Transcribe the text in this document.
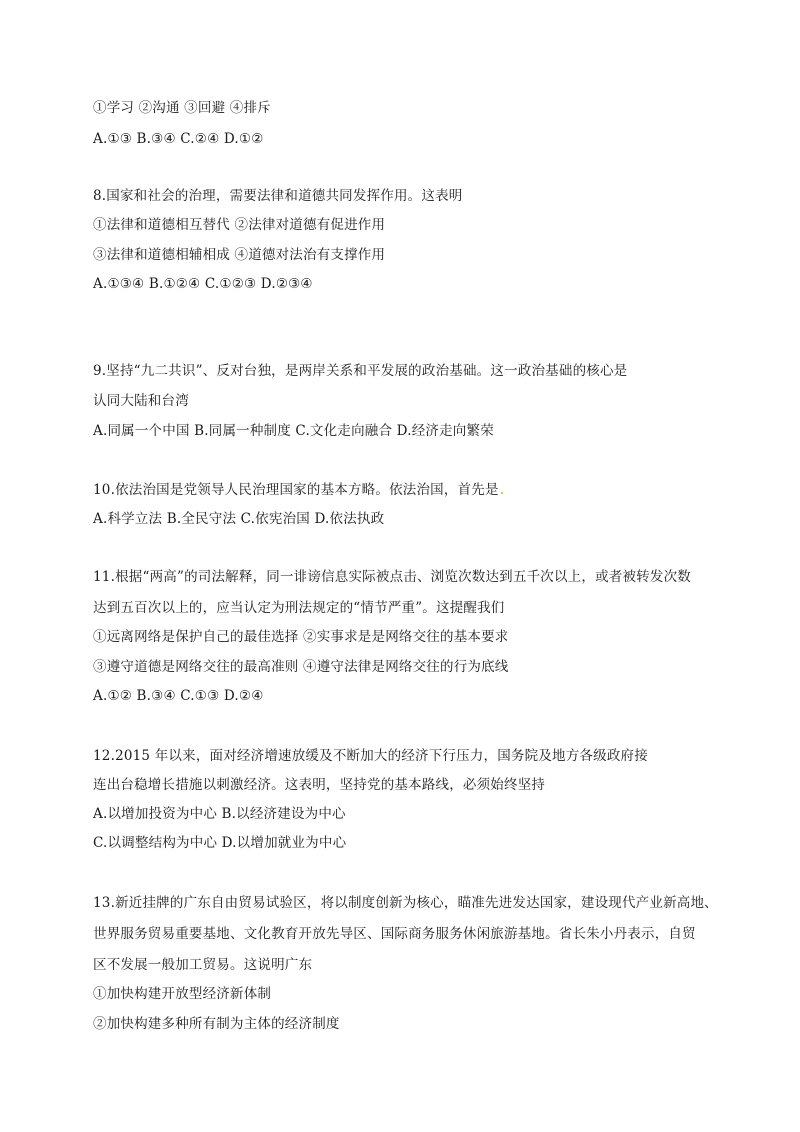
①学习 ②沟通 ③回避 ④排斥
A.①③ B.③④ C.②④ D.①②
8.国家和社会的治理，需要法律和道德共同发挥作用。这表明
①法律和道德相互替代 ②法律对道德有促进作用
③法律和道德相辅相成 ④道德对法治有支撑作用
A.①③④ B.①②④ C.①②③ D.②③④
9.坚持“九二共识”、反对台独，是两岸关系和平发展的政治基础。这一政治基础的核心是
认同大陆和台湾
A.同属一个中国 B.同属一种制度 C.文化走向融合 D.经济走向繁荣
10.依法治国是党领导人民治理国家的基本方略。依法治国，首先是
A.科学立法 B.全民守法 C.依宪治国 D.依法执政
11.根据“两高”的司法解释，同一诽谤信息实际被点击、浏览次数达到五千次以上，或者被转发次数
达到五百次以上的，应当认定为刑法规定的“情节严重”。这提醒我们
①远离网络是保护自己的最佳选择 ②实事求是是网络交往的基本要求
③遵守道德是网络交往的最高准则 ④遵守法律是网络交往的行为底线
A.①② B.③④ C.①③ D.②④
12.2015 年以来，面对经济增速放缓及不断加大的经济下行压力，国务院及地方各级政府接
连出台稳增长措施以刺激经济。这表明，坚持党的基本路线，必须始终坚持
A.以增加投资为中心 B.以经济建设为中心
C.以调整结构为中心 D.以增加就业为中心
13.新近挂牌的广东自由贸易试验区，将以制度创新为核心，瞄准先进发达国家，建设现代产业新高地、
世界服务贸易重要基地、文化教育开放先导区、国际商务服务休闲旅游基地。省长朱小丹表示，自贸
区不发展一般加工贸易。这说明广东
①加快构建开放型经济新体制
②加快构建多种所有制为主体的经济制度
